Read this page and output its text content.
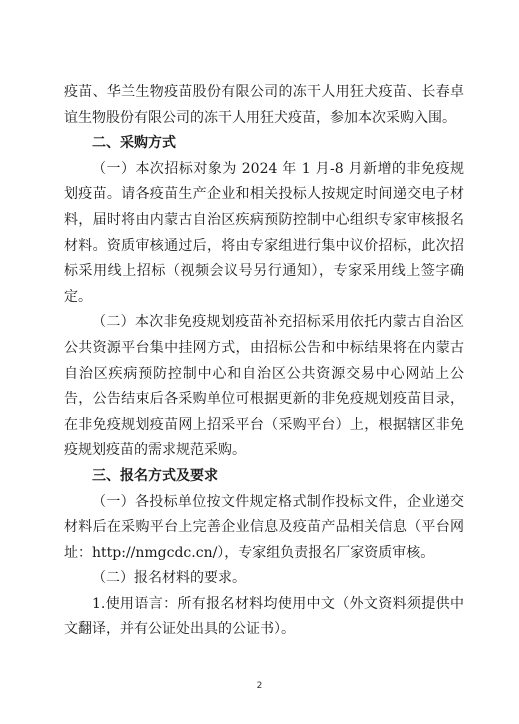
疫苗、华兰生物疫苗股份有限公司的冻干人用狂犬疫苗、长春卓谊生物股份有限公司的冻干人用狂犬疫苗，参加本次采购入围。

二、采购方式

（一）本次招标对象为 2024 年 1 月-8 月新增的非免疫规划疫苗。请各疫苗生产企业和相关投标人按规定时间递交电子材料，届时将由内蒙古自治区疾病预防控制中心组织专家审核报名材料。资质审核通过后，将由专家组进行集中议价招标，此次招标采用线上招标（视频会议号另行通知），专家采用线上签字确定。

（二）本次非免疫规划疫苗补充招标采用依托内蒙古自治区公共资源平台集中挂网方式，由招标公告和中标结果将在内蒙古自治区疾病预防控制中心和自治区公共资源交易中心网站上公告，公告结束后各采购单位可根据更新的非免疫规划疫苗目录，在非免疫规划疫苗网上招采平台（采购平台）上，根据辖区非免疫规划疫苗的需求规范采购。

三、报名方式及要求

（一）各投标单位按文件规定格式制作投标文件，企业递交材料后在采购平台上完善企业信息及疫苗产品相关信息（平台网址：http://nmgcdc.cn/），专家组负责报名厂家资质审核。

（二）报名材料的要求。

1.使用语言：所有报名材料均使用中文（外文资料须提供中文翻译，并有公证处出具的公证书）。

2
